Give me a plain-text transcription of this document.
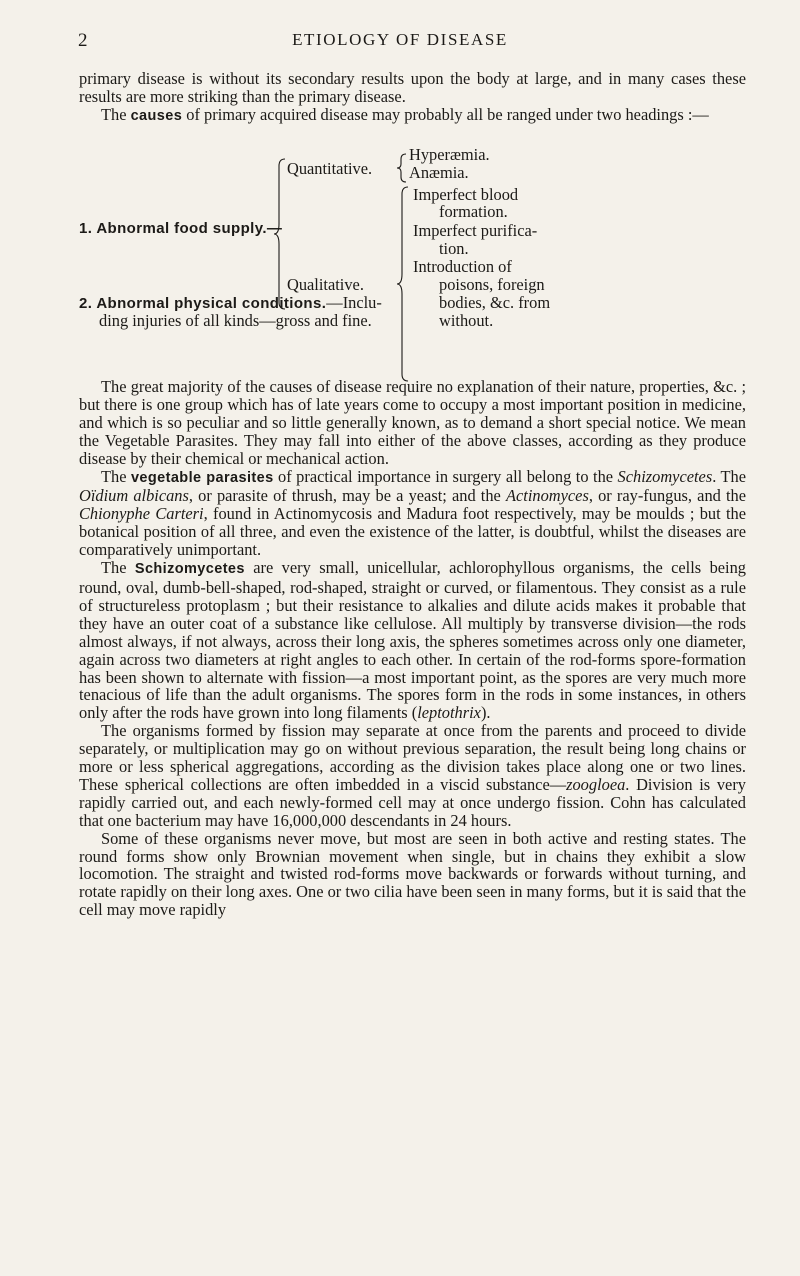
2	ETIOLOGY OF DISEASE

primary disease is without its secondary results upon the body at large, and in many cases these results are more striking than the primary disease.
The causes of primary acquired disease may probably all be ranged under two headings :—

1. Abnormal food supply.—
Quantitative.
Qualitative.
Hyperæmia.
Anæmia.
Imperfect blood
formation.
Imperfect purifica-
tion.
Introduction of
poisons, foreign
bodies, &c. from
without.
2. Abnormal physical conditions.—Inclu-
ding injuries of all kinds—gross and fine.

The great majority of the causes of disease require no explanation of their nature, properties, &c. ; but there is one group which has of late years come to occupy a most important position in medicine, and which is so peculiar and so little generally known, as to demand a short special notice. We mean the Vegetable Parasites. They may fall into either of the above classes, according as they produce disease by their chemical or mechanical action.
The vegetable parasites of practical importance in surgery all belong to the Schizomycetes. The Oïdium albicans, or parasite of thrush, may be a yeast; and the Actinomyces, or ray-fungus, and the Chionyphe Carteri, found in Actinomycosis and Madura foot respectively, may be moulds ; but the botanical position of all three, and even the existence of the latter, is doubtful, whilst the diseases are comparatively unimportant.
The Schizomycetes are very small, unicellular, achlorophyllous organisms, the cells being round, oval, dumb-bell-shaped, rod-shaped, straight or curved, or filamentous. They consist as a rule of structureless protoplasm ; but their resistance to alkalies and dilute acids makes it probable that they have an outer coat of a substance like cellulose. All multiply by transverse division—the rods almost always, if not always, across their long axis, the spheres sometimes across only one diameter, again across two diameters at right angles to each other. In certain of the rod-forms spore-formation has been shown to alternate with fission—a most important point, as the spores are very much more tenacious of life than the adult organisms. The spores form in the rods in some instances, in others only after the rods have grown into long filaments (leptothrix).
The organisms formed by fission may separate at once from the parents and proceed to divide separately, or multiplication may go on without previous separation, the result being long chains or more or less spherical aggregations, according as the division takes place along one or two lines. These spherical collections are often imbedded in a viscid substance—zoogloea. Division is very rapidly carried out, and each newly-formed cell may at once undergo fission. Cohn has calculated that one bacterium may have 16,000,000 descendants in 24 hours.
Some of these organisms never move, but most are seen in both active and resting states. The round forms show only Brownian movement when single, but in chains they exhibit a slow locomotion. The straight and twisted rod-forms move backwards or forwards without turning, and rotate rapidly on their long axes. One or two cilia have been seen in many forms, but it is said that the cell may move rapidly
